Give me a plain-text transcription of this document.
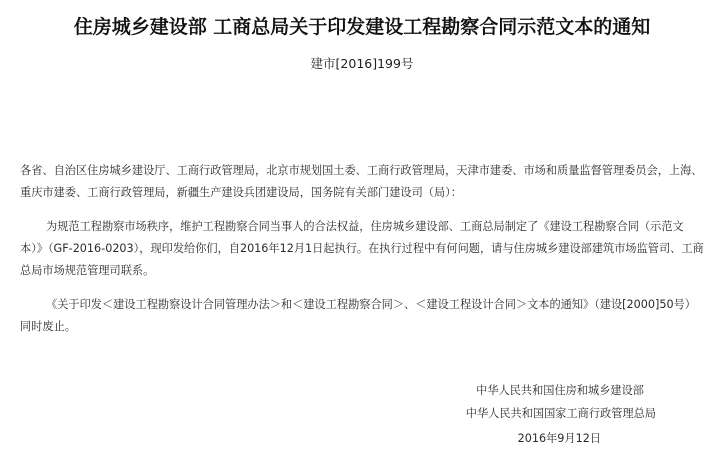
住房城乡建设部 工商总局关于印发建设工程勘察合同示范文本的通知
建市[2016]199号

各省、自治区住房城乡建设厅、工商行政管理局，北京市规划国土委、工商行政管理局，天津市建委、市场和质量监督管理委员会，上海、重庆市建委、工商行政管理局，新疆生产建设兵团建设局，国务院有关部门建设司（局）：

为规范工程勘察市场秩序，维护工程勘察合同当事人的合法权益，住房城乡建设部、工商总局制定了《建设工程勘察合同（示范文本）》（GF-2016-0203），现印发给你们，自2016年12月1日起执行。在执行过程中有何问题，请与住房城乡建设部建筑市场监管司、工商总局市场规范管理司联系。

《关于印发＜建设工程勘察设计合同管理办法＞和＜建设工程勘察合同＞、＜建设工程设计合同＞文本的通知》（建设[2000]50号）同时废止。

中华人民共和国住房和城乡建设部
中华人民共和国国家工商行政管理总局
2016年9月12日
